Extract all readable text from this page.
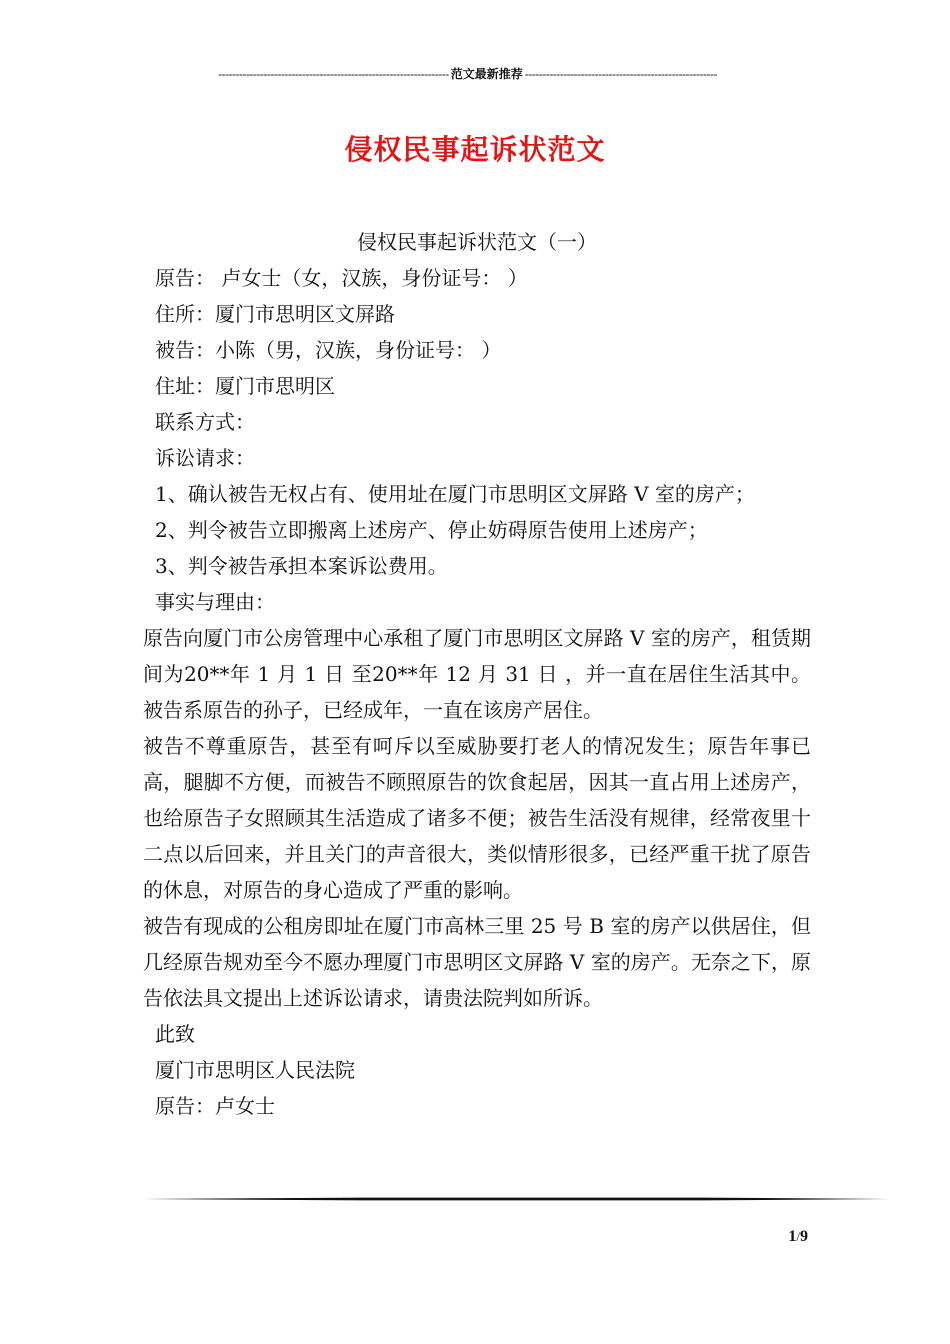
------------------------------------------------------------------ 范文最新推荐 -------------------------------------------------------
侵权民事起诉状范文

侵权民事起诉状范文（一）

原告： 卢女士（女，汉族，身份证号： ）

住所：厦门市思明区文屏路

被告：小陈（男，汉族，身份证号： ）

住址：厦门市思明区

联系方式：

诉讼请求：

1、确认被告无权占有、使用址在厦门市思明区文屏路 V 室的房产；

2、判令被告立即搬离上述房产、停止妨碍原告使用上述房产；

3、判令被告承担本案诉讼费用。

事实与理由：

原告向厦门市公房管理中心承租了厦门市思明区文屏路 V 室的房产，租赁期间为20**年 1 月 1 日 至20**年 12 月 31 日 ，并一直在居住生活其中。被告系原告的孙子，已经成年，一直在该房产居住。

被告不尊重原告，甚至有呵斥以至威胁要打老人的情况发生；原告年事已高，腿脚不方便，而被告不顾照原告的饮食起居，因其一直占用上述房产，也给原告子女照顾其生活造成了诸多不便；被告生活没有规律，经常夜里十二点以后回来，并且关门的声音很大，类似情形很多，已经严重干扰了原告的休息，对原告的身心造成了严重的影响。

被告有现成的公租房即址在厦门市高林三里 25 号 B 室的房产以供居住，但几经原告规劝至今不愿办理厦门市思明区文屏路 V 室的房产。无奈之下，原告依法具文提出上述诉讼请求，请贵法院判如所诉。

此致

厦门市思明区人民法院

原告：卢女士

1/9
